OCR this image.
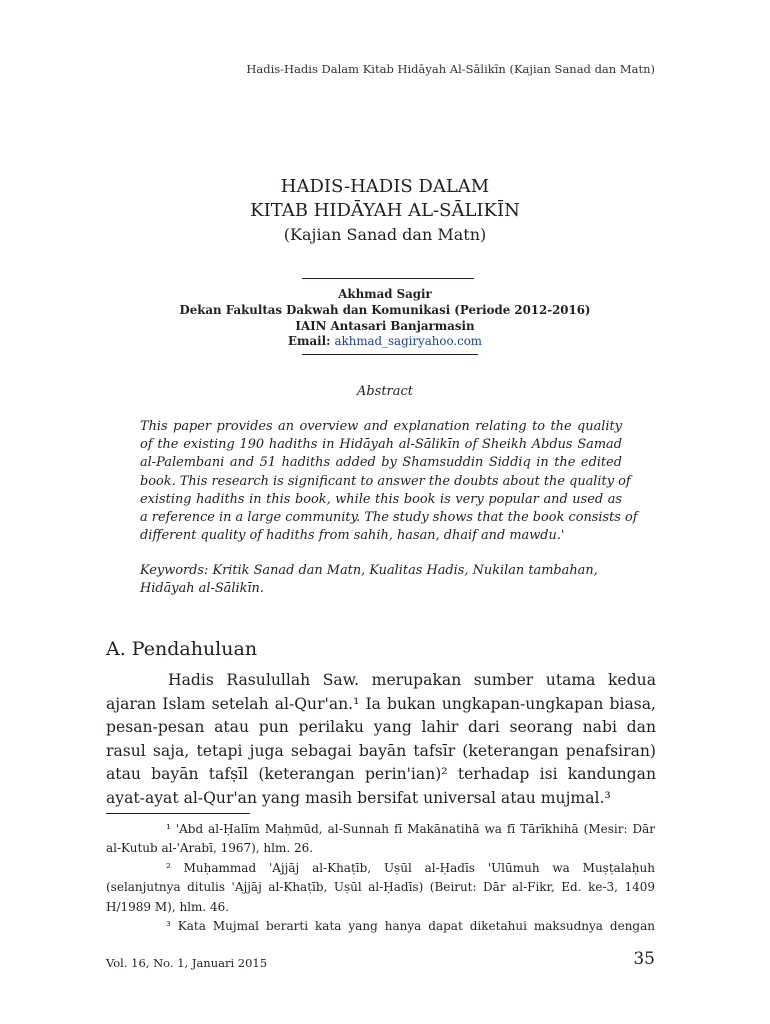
Hadis-Hadis Dalam Kitab Hidāyah Al-Sālikīn (Kajian Sanad dan Matn)
HADIS-HADIS DALAM
KITAB HIDĀYAH AL-SĀLIKĪN
(Kajian Sanad dan Matn)
Akhmad Sagir
Dekan Fakultas Dakwah dan Komunikasi (Periode 2012-2016)
IAIN Antasari Banjarmasin
Email: akhmad_sagiryahoo.com
Abstract
This paper provides an overview and explanation relating to the quality
of the existing 190 hadiths in Hidāyah al-Sālikīn of Sheikh Abdus Samad
al-Palembani and 51 hadiths added by Shamsuddin Siddiq in the edited
book. This research is significant to answer the doubts about the quality of
existing hadiths in this book, while this book is very popular and used as
a reference in a large community. The study shows that the book consists of
different quality of hadiths from sahih, hasan, dhaif and mawdu.'
Keywords: Kritik Sanad dan Matn, Kualitas Hadis, Nukilan tambahan,
Hidāyah al-Sālikīn.
A. Pendahuluan
Hadis Rasulullah Saw. merupakan sumber utama kedua
ajaran Islam setelah al-Qur'an.¹ Ia bukan ungkapan-ungkapan biasa,
pesan-pesan atau pun perilaku yang lahir dari seorang nabi dan
rasul saja, tetapi juga sebagai bayān tafsīr (keterangan penafsiran)
atau bayān tafṣīl (keterangan perin'ian)² terhadap isi kandungan
ayat-ayat al-Qur'an yang masih bersifat universal atau mujmal.³
¹ 'Abd al-Ḥalīm Maḥmūd, al-Sunnah fī Makānatihā wa fī Tārīkhihā (Mesir: Dār
al-Kutub al-'Arabī, 1967), hlm. 26.
² Muḥammad 'Ajjāj al-Khaṭīb, Uṣūl al-Ḥadīs 'Ulūmuh wa Muṣṭalaḥuh
(selanjutnya ditulis 'Ajjāj al-Khaṭīb, Uṣūl al-Ḥadīs) (Beirut: Dār al-Fikr, Ed. ke-3, 1409
H/1989 M), hlm. 46.
³ Kata Mujmal berarti kata yang hanya dapat diketahui maksudnya dengan
Vol. 16, No. 1, Januari 2015	35
